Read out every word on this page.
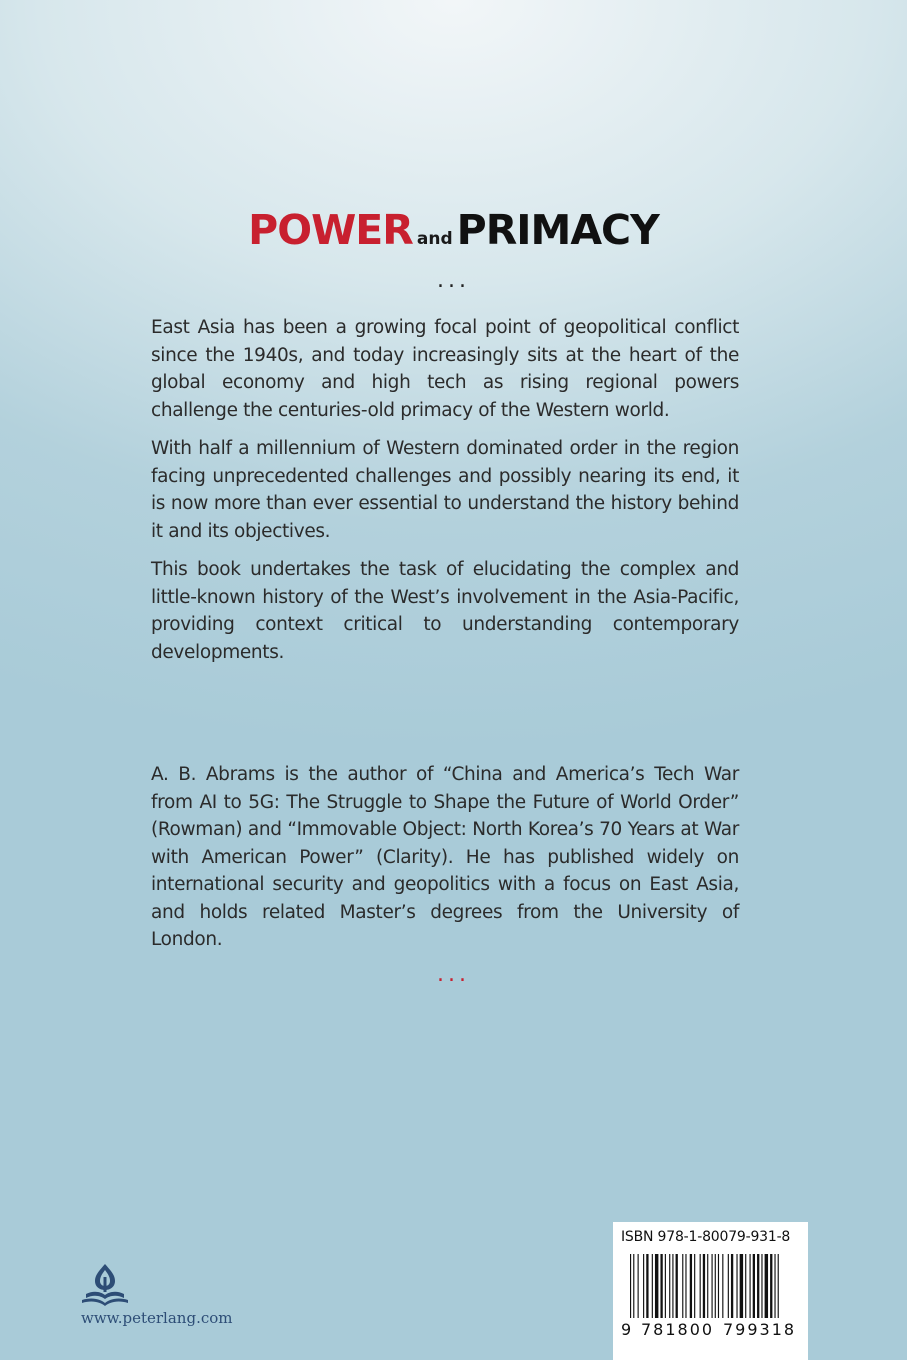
POWER andPRIMACY
...

East Asia has been a growing focal point of geopolitical conflict since the 1940s, and today increasingly sits at the heart of the global economy and high tech as rising regional powers challenge the centuries-old primacy of the Western world.

With half a millennium of Western dominated order in the region facing unprecedented challenges and possibly nearing its end, it is now more than ever essential to understand the history behind it and its objectives.

This book undertakes the task of elucidating the complex and little-known history of the West’s involvement in the Asia-Pacific, providing context critical to understanding contemporary developments.

A. B. Abrams is the author of “China and America’s Tech War from AI to 5G: The Struggle to Shape the Future of World Order” (Rowman) and “Immovable Object: North Korea’s 70 Years at War with American Power” (Clarity). He has published widely on international security and geopolitics with a focus on East Asia, and holds related Master’s degrees from the University of London.

...
www.peterlang.com
ISBN 978-1-80079-931-8
9 781800 799318
